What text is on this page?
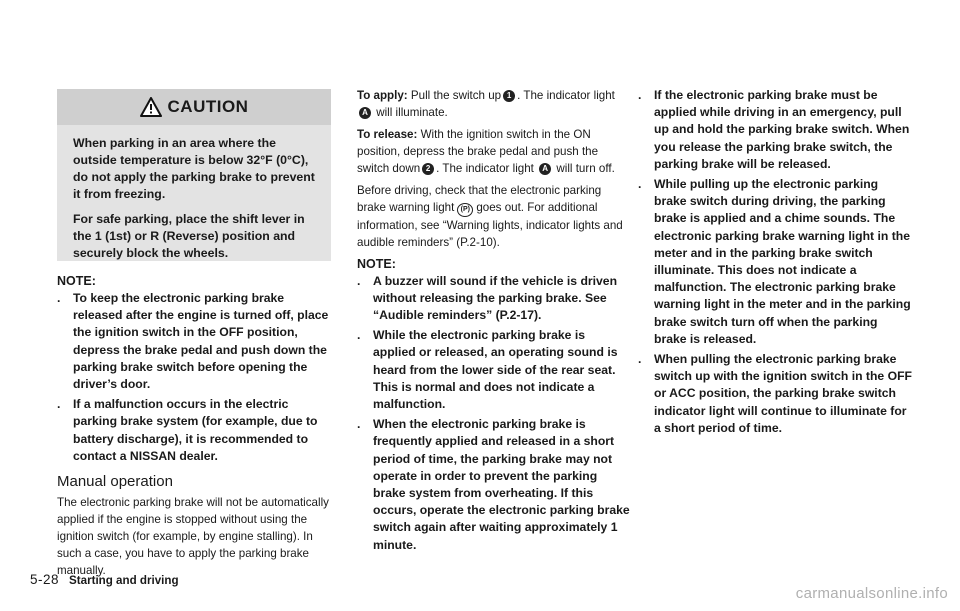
CAUTION

When parking in an area where the outside temperature is below 32°F (0°C), do not apply the parking brake to prevent it from freezing.

For safe parking, place the shift lever in the 1 (1st) or R (Reverse) position and securely block the wheels.

NOTE:
. To keep the electronic parking brake released after the engine is turned off, place the ignition switch in the OFF position, depress the brake pedal and push down the parking brake switch before opening the driver’s door.
. If a malfunction occurs in the electric parking brake system (for example, due to battery discharge), it is recommended to contact a NISSAN dealer.
Manual operation

The electronic parking brake will not be automatically applied if the engine is stopped without using the ignition switch (for example, by engine stalling). In such a case, you have to apply the parking brake manually.

To apply: Pull the switch up 1 . The indicator light A will illuminate.

To release: With the ignition switch in the ON position, depress the brake pedal and push the switch down 2 . The indicator light A will turn off.

Before driving, check that the electronic parking brake warning light (P) goes out. For additional information, see “Warning lights, indicator lights and audible reminders” (P.2-10).

NOTE:
. A buzzer will sound if the vehicle is driven without releasing the parking brake. See “Audible reminders” (P.2-17).
. While the electronic parking brake is applied or released, an operating sound is heard from the lower side of the rear seat. This is normal and does not indicate a malfunction.
. When the electronic parking brake is frequently applied and released in a short period of time, the parking brake may not operate in order to prevent the parking brake system from overheating. If this occurs, operate the electronic parking brake switch again after waiting approximately 1 minute.
. If the electronic parking brake must be applied while driving in an emergency, pull up and hold the parking brake switch. When you release the parking brake switch, the parking brake will be released.
. While pulling up the electronic parking brake switch during driving, the parking brake is applied and a chime sounds. The electronic parking brake warning light in the meter and in the parking brake switch illuminate. This does not indicate a malfunction. The electronic parking brake warning light in the meter and in the parking brake switch turn off when the parking brake is released.
. When pulling the electronic parking brake switch up with the ignition switch in the OFF or ACC position, the parking brake switch indicator light will continue to illuminate for a short period of time.
5-28 Starting and driving
carmanualsonline.info
